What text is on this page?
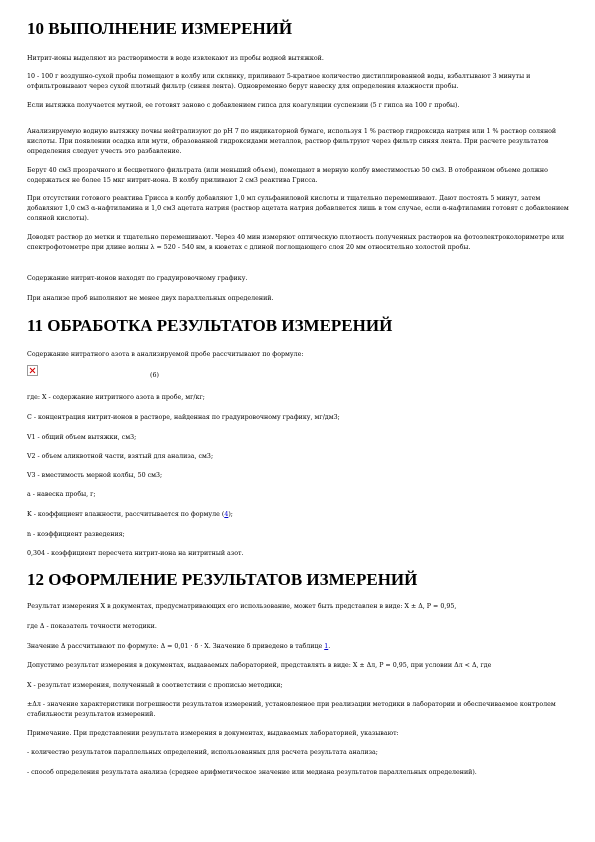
10 ВЫПОЛНЕНИЕ ИЗМЕРЕНИЙ

Нитрит-ионы выделяют из растворимости в воде извлекают из пробы водной вытяжкой.

10 - 100 г воздушно-сухой пробы помещают в колбу или склянку, приливают 5-кратное количество дистиллированной воды, взбалтывают 3 минуты и отфильтровывают через сухой плотный фильтр (синяя лента). Одновременно берут навеску для определения влажности пробы.

Если вытяжка получается мутной, ее готовят заново с добавлением гипса для коагуляции суспензии (5 г гипса на 100 г пробы).

Анализируемую водную вытяжку почвы нейтрализуют до pH 7 по индикаторной бумаге, используя 1 % раствор гидроксида натрия или 1 % раствор соляной кислоты. При появлении осадка или мути, образованной гидроксидами металлов, раствор фильтруют через фильтр синяя лента. При расчете результатов определения следует учесть это разбавление.

Берут 40 см3 прозрачного и бесцветного фильтрата (или меньший объем), помещают в мерную колбу вместимостью 50 см3. В отобранном объеме должно содержаться не более 15 мкг нитрит-иона. В колбу приливают 2 см3 реактива Грисса.

При отсутствии готового реактива Грисса в колбу добавляют 1,0 мл сульфаниловой кислоты и тщательно перемешивают. Дают постоять 5 минут, затем добавляют 1,0 см3 α-нафтиламина и 1,0 см3 ацетата натрия (раствор ацетата натрия добавляется лишь в том случае, если α-нафтиламин готовят с добавлением соляной кислоты).

Доводят раствор до метки и тщательно перемешивают. Через 40 мин измеряют оптическую плотность полученных растворов на фотоэлектроколориметре или спектрофотометре при длине волны λ = 520 - 540 нм, в кюветах с длиной поглощающего слоя 20 мм относительно холостой пробы.

Содержание нитрит-ионов находят по градуировочному графику.

При анализе проб выполняют не менее двух параллельных определений.

11 ОБРАБОТКА РЕЗУЛЬТАТОВ ИЗМЕРЕНИЙ

Содержание нитратного азота в анализируемой пробе рассчитывают по формуле:

(6)

где: X - содержание нитритного азота в пробе, мг/кг;

С - концентрация нитрит-ионов в растворе, найденная по градуировочному графику, мг/дм3;

V1 - общий объем вытяжки, см3;

V2 - объем аликвотной части, взятый для анализа, см3;

V3 - вместимость мерной колбы, 50 см3;

a - навеска пробы, г;

K - коэффициент влажности, рассчитывается по формуле (4);

n - коэффициент разведения;

0,304 - коэффициент пересчета нитрит-иона на нитритный азот.

12 ОФОРМЛЕНИЕ РЕЗУЛЬТАТОВ ИЗМЕРЕНИЙ

Результат измерения X в документах, предусматривающих его использование, может быть представлен в виде: X ± Δ, P = 0,95,

где Δ - показатель точности методики.

Значение Δ рассчитывают по формуле: Δ = 0,01 · δ · X. Значение δ приведено в таблице 1.

Допустимо результат измерения в документах, выдаваемых лабораторией, представлять в виде: X ± Δл, P = 0,95, при условии Δл < Δ, где

X - результат измерения, полученный в соответствии с прописью методики;

±Δл - значение характеристики погрешности результатов измерений, установленное при реализации методики в лаборатории и обеспечиваемое контролем стабильности результатов измерений.

Примечание. При представлении результата измерения в документах, выдаваемых лабораторией, указывают:

- количество результатов параллельных определений, использованных для расчета результата анализа;

- способ определения результата анализа (среднее арифметическое значение или медиана результатов параллельных определений).
